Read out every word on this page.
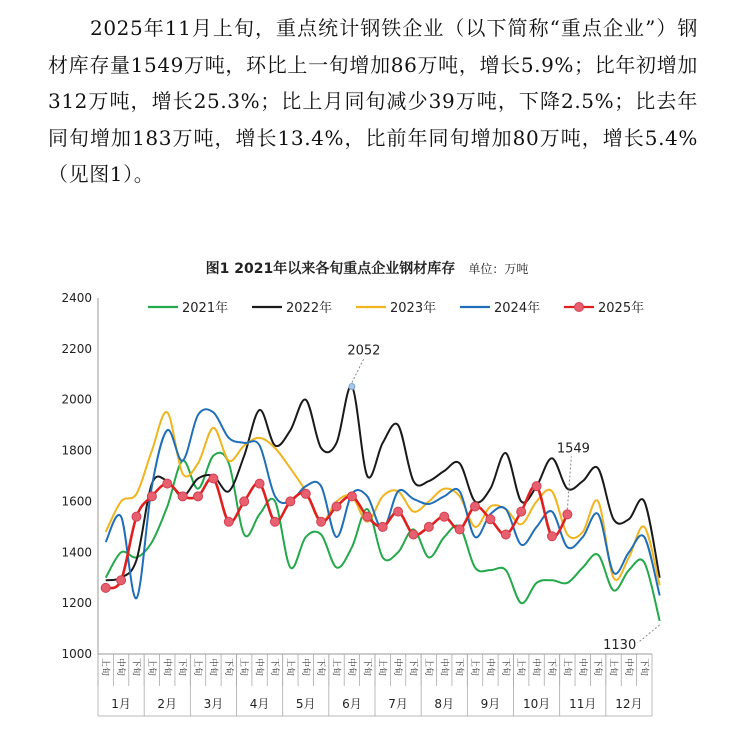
2025年11月上旬，重点统计钢铁企业（以下简称“重点企业”）钢材库存量1549万吨，环比上一旬增加86万吨，增长5.9%；比年初增加312万吨，增长25.3%；比上月同旬减少39万吨，下降2.5%；比去年同旬增加183万吨，增长13.4%，比前年同旬增加80万吨，增长5.4%（见图1）。

图1 2021年以来各旬重点企业钢材库存 单位：万吨
1000
1200
1400
1600
1800
2000
2200
2400
上旬 中旬 下旬 上旬 中旬 下旬 上旬 中旬 下旬 上旬 中旬 下旬 上旬 中旬 下旬 上旬 中旬 下旬 上旬 中旬 下旬 上旬 中旬 下旬 上旬 中旬 下旬 上旬 中旬 下旬 上旬 中旬 下旬 上旬 中旬 下旬
1月 2月 3月 4月 5月 6月 7月 8月 9月 10月 11月 12月
2021年	2022年	2023年	2024年	2025年
2052
1549
1130
